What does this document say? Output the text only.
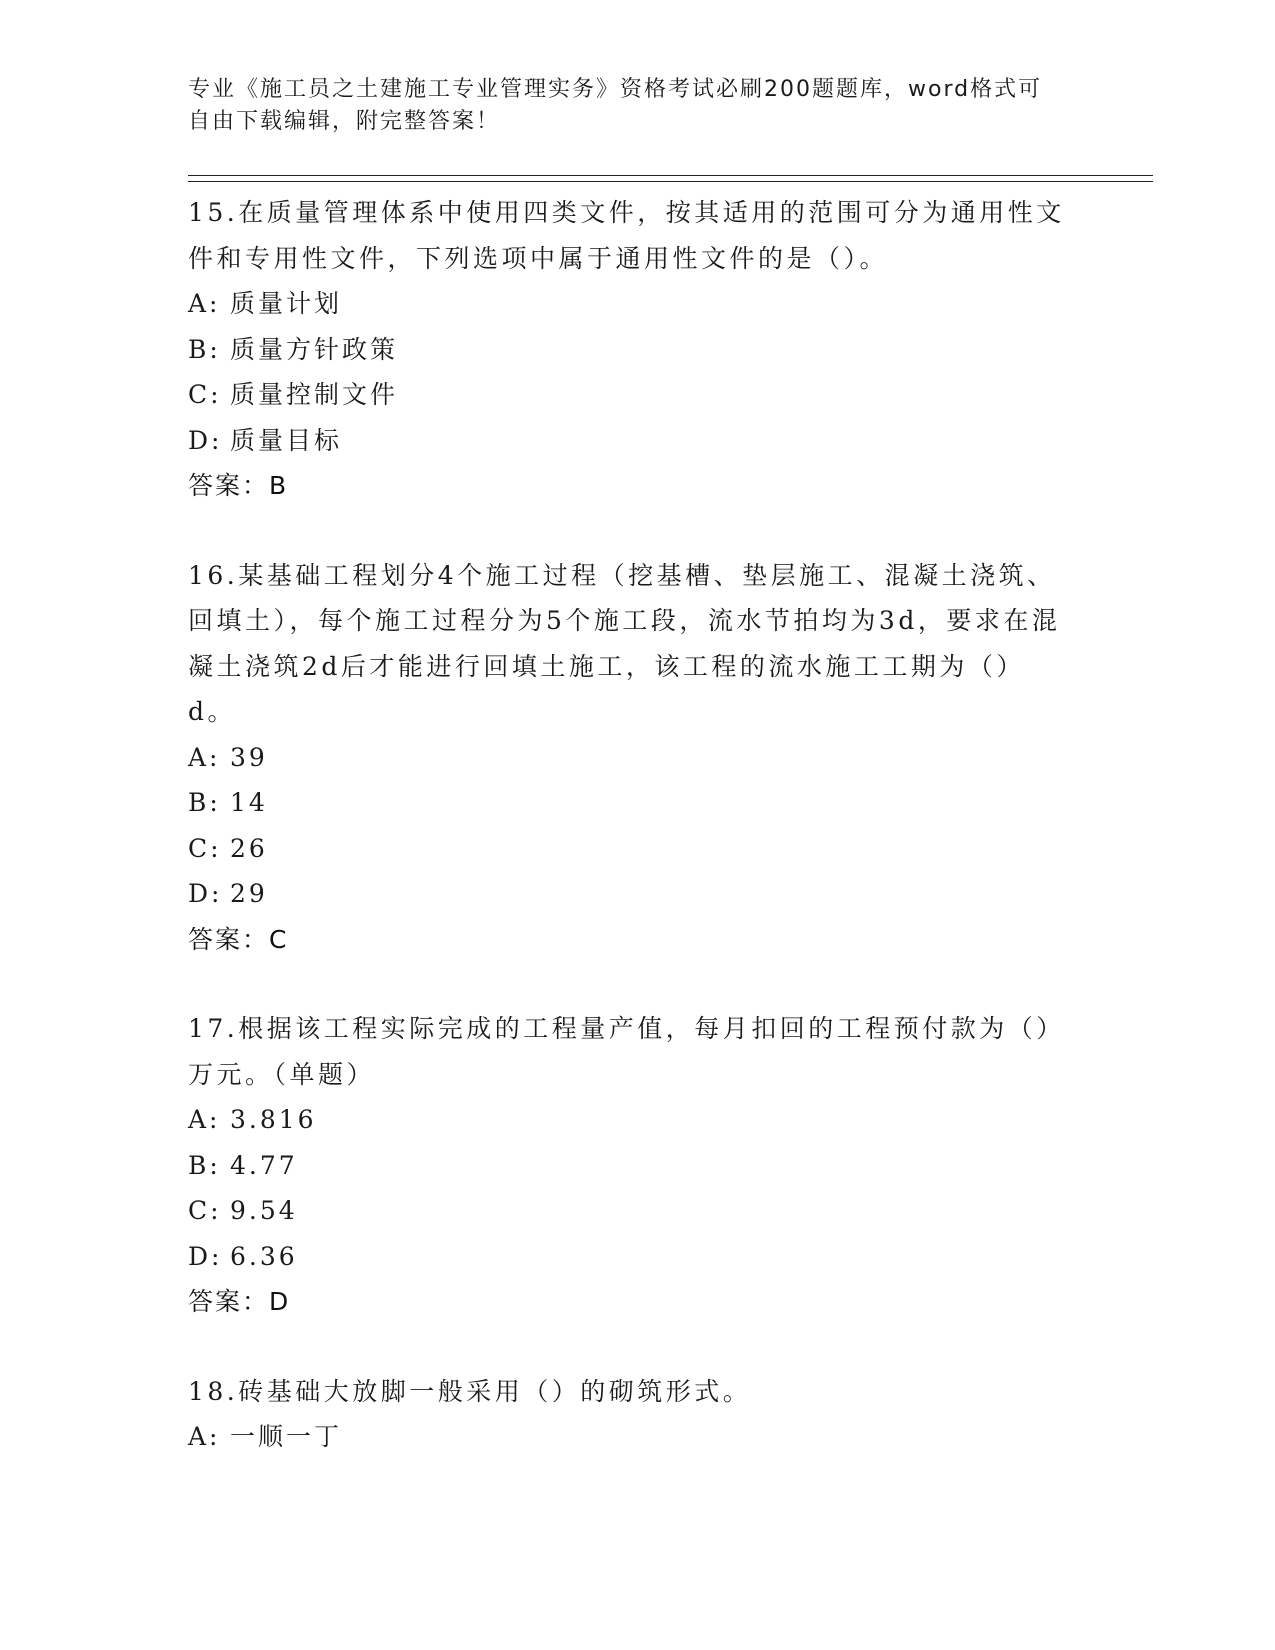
专业《施工员之土建施工专业管理实务》资格考试必刷200题题库，word格式可
自由下载编辑，附完整答案！
15.在质量管理体系中使用四类文件，按其适用的范围可分为通用性文件和专用性文件，下列选项中属于通用性文件的是（）。
A: 质量计划
B: 质量方针政策
C: 质量控制文件
D: 质量目标
答案：B
16.某基础工程划分4个施工过程（挖基槽、垫层施工、混凝土浇筑、回填土），每个施工过程分为5个施工段，流水节拍均为3d，要求在混凝土浇筑2d后才能进行回填土施工，该工程的流水施工工期为（）d。
A: 39
B: 14
C: 26
D: 29
答案：C
17.根据该工程实际完成的工程量产值，每月扣回的工程预付款为（）万元。（单题）
A: 3.816
B: 4.77
C: 9.54
D: 6.36
答案：D
18.砖基础大放脚一般采用（）的砌筑形式。
A: 一顺一丁
